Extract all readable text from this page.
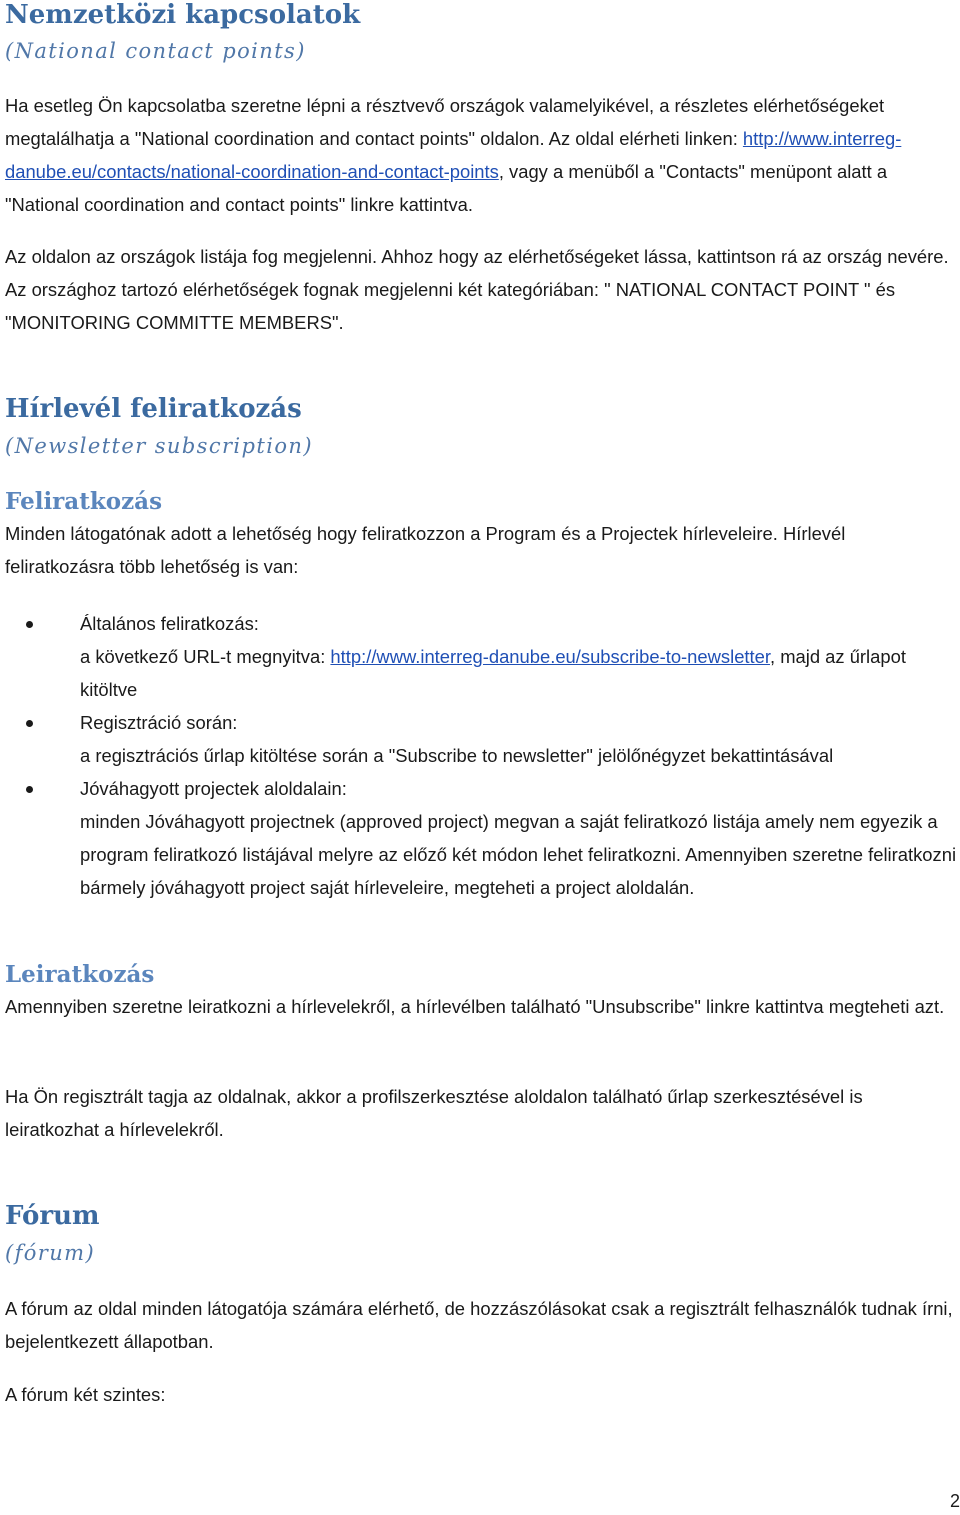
Nemzetközi kapcsolatok
(National contact points)

Ha esetleg Ön kapcsolatba szeretne lépni a résztvevő országok valamelyikével, a részletes elérhetőségeket megtalálhatja a "National coordination and contact points" oldalon. Az oldal elérheti linken: http://www.interreg-danube.eu/contacts/national-coordination-and-contact-points, vagy a menüből a "Contacts" menüpont alatt a "National coordination and contact points" linkre kattintva.

Az oldalon az országok listája fog megjelenni. Ahhoz hogy az elérhetőségeket lássa, kattintson rá az ország nevére. Az országhoz tartozó elérhetőségek fognak megjelenni két kategóriában: " NATIONAL CONTACT POINT " és "MONITORING COMMITTE MEMBERS".

Hírlevél feliratkozás
(Newsletter subscription)
Feliratkozás

Minden látogatónak adott a lehetőség hogy feliratkozzon a Program és a Projectek hírleveleire. Hírlevél feliratkozásra több lehetőség is van:

Általános feliratkozás:

a következő URL-t megnyitva: http://www.interreg-danube.eu/subscribe-to-newsletter, majd az űrlapot kitöltve

Regisztráció során:

a regisztrációs űrlap kitöltése során a "Subscribe to newsletter" jelölőnégyzet bekattintásával

Jóváhagyott projectek aloldalain:

minden Jóváhagyott projectnek (approved project) megvan a saját feliratkozó listája amely nem egyezik a program feliratkozó listájával melyre az előző két módon lehet feliratkozni. Amennyiben szeretne feliratkozni bármely jóváhagyott project saját hírleveleire, megteheti a project aloldalán.

Leiratkozás

Amennyiben szeretne leiratkozni a hírlevelekről, a hírlevélben található "Unsubscribe" linkre kattintva megteheti azt.

Ha Ön regisztrált tagja az oldalnak, akkor a profilszerkesztése aloldalon található űrlap szerkesztésével is leiratkozhat a hírlevelekről.

Fórum
(fórum)

A fórum az oldal minden látogatója számára elérhető, de hozzászólásokat csak a regisztrált felhasználók tudnak írni, bejelentkezett állapotban.

A fórum két szintes:

2
